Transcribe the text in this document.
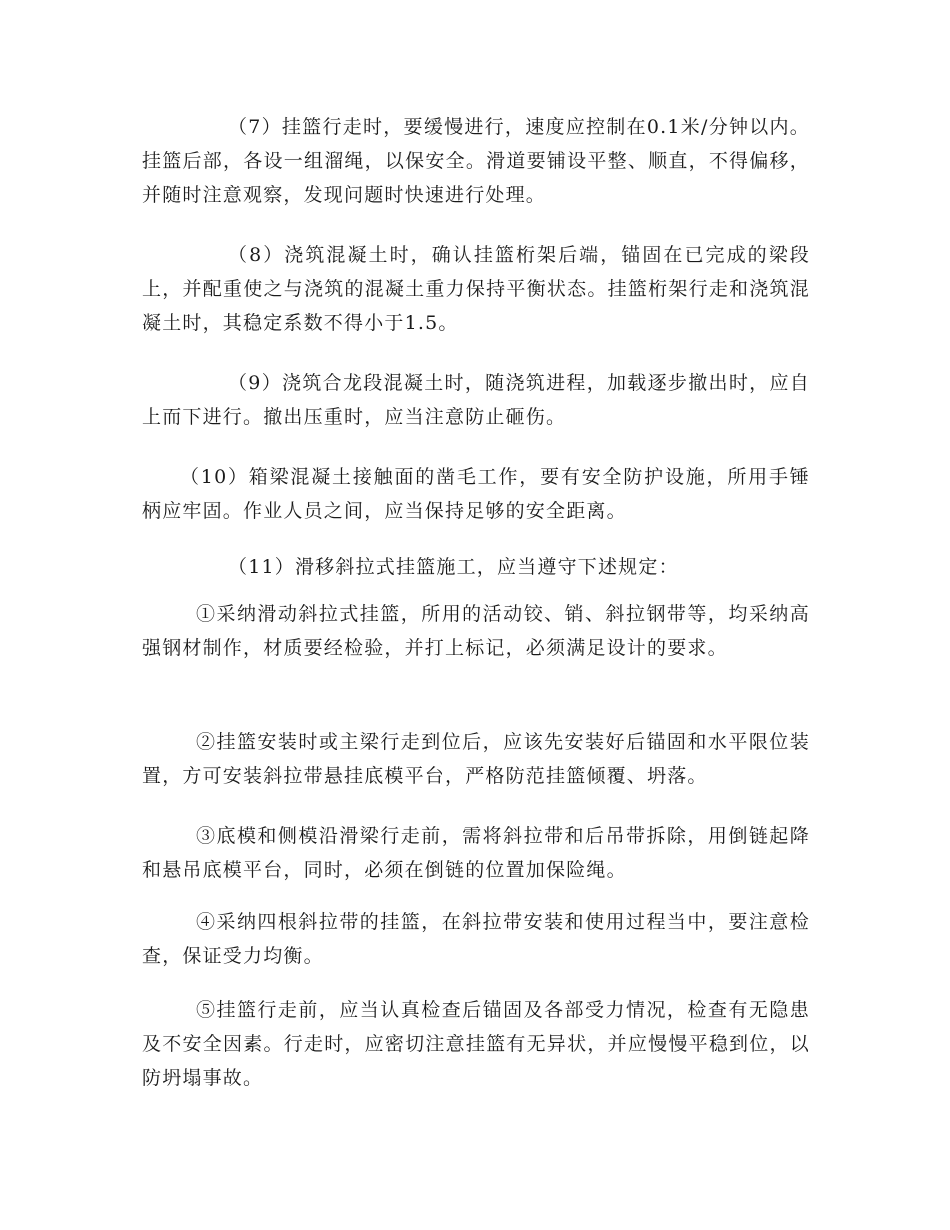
（7）挂篮行走时，要缓慢进行，速度应控制在0.1米/分钟以内。挂篮后部，各设一组溜绳，以保安全。滑道要铺设平整、顺直，不得偏移，并随时注意观察，发现问题时快速进行处理。

（8）浇筑混凝土时，确认挂篮桁架后端，锚固在已完成的梁段上，并配重使之与浇筑的混凝土重力保持平衡状态。挂篮桁架行走和浇筑混凝土时，其稳定系数不得小于1.5。

（9）浇筑合龙段混凝土时，随浇筑进程，加载逐步撤出时，应自上而下进行。撤出压重时，应当注意防止砸伤。

（10）箱梁混凝土接触面的凿毛工作，要有安全防护设施，所用手锤柄应牢固。作业人员之间，应当保持足够的安全距离。

（11）滑移斜拉式挂篮施工，应当遵守下述规定：

①采纳滑动斜拉式挂篮，所用的活动铰、销、斜拉钢带等，均采纳高强钢材制作，材质要经检验，并打上标记，必须满足设计的要求。

②挂篮安装时或主梁行走到位后，应该先安装好后锚固和水平限位装置，方可安装斜拉带悬挂底模平台，严格防范挂篮倾覆、坍落。

③底模和侧模沿滑梁行走前，需将斜拉带和后吊带拆除，用倒链起降和悬吊底模平台，同时，必须在倒链的位置加保险绳。

④采纳四根斜拉带的挂篮，在斜拉带安装和使用过程当中，要注意检查，保证受力均衡。

⑤挂篮行走前，应当认真检查后锚固及各部受力情况，检查有无隐患及不安全因素。行走时，应密切注意挂篮有无异状，并应慢慢平稳到位，以防坍塌事故。
